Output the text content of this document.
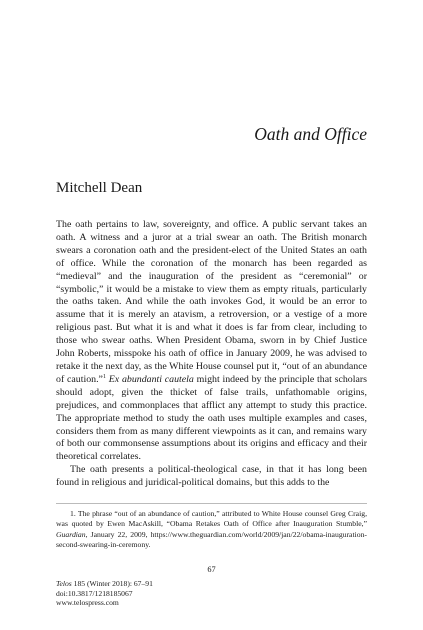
Oath and Office
Mitchell Dean

The oath pertains to law, sovereignty, and office. A public servant takes an oath. A witness and a juror at a trial swear an oath. The British monarch swears a coronation oath and the president-elect of the United States an oath of office. While the coronation of the monarch has been regarded as “medieval” and the inauguration of the president as “ceremonial” or “symbolic,” it would be a mistake to view them as empty rituals, particularly the oaths taken. And while the oath invokes God, it would be an error to assume that it is merely an atavism, a retroversion, or a vestige of a more religious past. But what it is and what it does is far from clear, including to those who swear oaths. When President Obama, sworn in by Chief Justice John Roberts, misspoke his oath of office in January 2009, he was advised to retake it the next day, as the White House counsel put it, “out of an abundance of caution.”$^1$ Ex abundanti cautela might indeed by the principle that scholars should adopt, given the thicket of false trails, unfathomable origins, prejudices, and commonplaces that afflict any attempt to study this practice. The appropriate method to study the oath uses multiple examples and cases, considers them from as many different viewpoints as it can, and remains wary of both our commonsense assumptions about its origins and efficacy and their theoretical correlates.

The oath presents a political-theological case, in that it has long been found in religious and juridical-political domains, but this adds to the

1. The phrase “out of an abundance of caution,” attributed to White House counsel Greg Craig, was quoted by Ewen MacAskill, “Obama Retakes Oath of Office after Inauguration Stumble,” Guardian, January 22, 2009, https://www.theguardian.com/world/2009/jan/22/obama-inauguration-second-swearing-in-ceremony.

67

Telos 185 (Winter 2018): 67–91
doi:10.3817/1218185067
www.telospress.com
